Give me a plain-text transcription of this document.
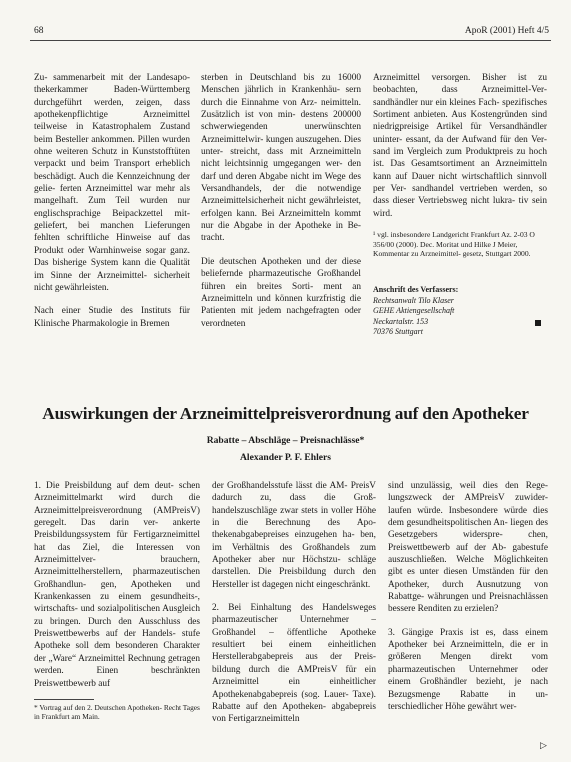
68	ApoR (2001) Heft 4/5

Zu- sammenarbeit mit der Landesapo- thekerkammer Baden-Württemberg durchgeführt werden, zeigen, dass apothekenpflichtige Arzneimittel teilweise in Katastrophalem Zustand beim Besteller ankommen. Pillen wurden ohne weiteren Schutz in Kunststofftüten verpackt und beim Transport erheblich beschädigt. Auch die Kennzeichnung der gelie- ferten Arzneimittel war mehr als mangelhaft. Zum Teil wurden nur englischsprachige Beipackzettel mit- geliefert, bei manchen Lieferungen fehlten schriftliche Hinweise auf das Produkt oder Warnhinweise sogar ganz. Das bisherige System kann die Qualität im Sinne der Arzneimittel- sicherheit nicht gewährleisten.

Nach einer Studie des Instituts für Klinische Pharmakologie in Bremen

sterben in Deutschland bis zu 16000 Menschen jährlich in Krankenhäu- sern durch die Einnahme von Arz- neimitteln. Zusätzlich ist von min- destens 200000 schwerwiegenden unerwünschten Arzneimittelwir- kungen auszugehen. Dies unter- streicht, dass mit Arzneimitteln nicht leichtsinnig umgegangen wer- den darf und deren Abgabe nicht im Wege des Versandhandels, der die notwendige Arzneimittelsicherheit nicht gewährleistet, erfolgen kann. Bei Arzneimitteln kommt nur die Abgabe in der Apotheke in Be- tracht.

Die deutschen Apotheken und der diese beliefernde pharmazeutische Großhandel führen ein breites Sorti- ment an Arzneimitteln und können kurzfristig die Patienten mit jedem nachgefragten oder verordneten

Arzneimittel versorgen. Bisher ist zu beobachten, dass Arzneimittel-Ver- sandhändler nur ein kleines Fach- spezifisches Sortiment anbieten. Aus Kostengründen sind niedrigpreisige Artikel für Versandhändler uninter- essant, da der Aufwand für den Ver- sand im Vergleich zum Produktpreis zu hoch ist. Das Gesamtsortiment an Arzneimitteln kann auf Dauer nicht wirtschaftlich sinnvoll per Ver- sandhandel vertrieben werden, so dass dieser Vertriebsweg nicht lukra- tiv sein wird.

¹ vgl. insbesondere Landgericht Frankfurt Az. 2-03 O 356/00 (2000). Dec. Moritat und Hilke J Meier, Kommentar zu Arzneimittel- gesetz, Stuttgart 2000.
Anschrift des Verfassers:
Rechtsanwalt Tilo Klaser
GEHE Aktiengesellschaft
Neckartalstr. 153
70376 Stuttgart
Auswirkungen der Arzneimittelpreisverordnung auf den Apotheker
Rabatte – Abschläge – Preisnachlässe*
Alexander P. F. Ehlers

1. Die Preisbildung auf dem deut- schen Arzneimittelmarkt wird durch die Arzneimittelpreisverordnung (AMPreisV) geregelt. Das darin ver- ankerte Preisbildungssystem für Fertigarzneimittel hat das Ziel, die Interessen von Arzneimittelver- brauchern, Arzneimittelherstellern, pharmazeutischen Großhandlun- gen, Apotheken und Krankenkassen zu einem gesundheits-, wirtschafts- und sozialpolitischen Ausgleich zu bringen. Durch den Ausschluss des Preiswettbewerbs auf der Handels- stufe Apotheke soll dem besonderen Charakter der „Ware“ Arzneimittel Rechnung getragen werden. Einen beschränkten Preiswettbewerb auf

der Großhandelsstufe lässt die AM- PreisV dadurch zu, dass die Groß- handelszuschläge zwar stets in voller Höhe in die Berechnung des Apo- thekenabgabepreises einzugehen ha- ben, im Verhältnis des Großhandels zum Apotheker aber nur Höchstzu- schläge darstellen. Die Preisbildung durch den Hersteller ist dagegen nicht eingeschränkt.

2. Bei Einhaltung des Handelsweges pharmazeutischer Unternehmer – Großhandel – öffentliche Apotheke resultiert bei einem einheitlichen Herstellerabgabepreis aus der Preis- bildung durch die AMPreisV für ein Arzneimittel ein einheitlicher Apothekenabgabepreis (sog. Lauer- Taxe). Rabatte auf den Apotheken- abgabepreis von Fertigarzneimitteln

sind unzulässig, weil dies den Rege- lungszweck der AMPreisV zuwider- laufen würde. Insbesondere würde dies dem gesundheitspolitischen An- liegen des Gesetzgebers widerspre- chen, Preiswettbewerb auf der Ab- gabestufe auszuschließen. Welche Möglichkeiten gibt es unter diesen Umständen für den Apotheker, durch Ausnutzung von Rabattge- währungen und Preisnachlässen bessere Renditen zu erzielen?

3. Gängige Praxis ist es, dass einem Apotheker bei Arzneimitteln, die er in größeren Mengen direkt vom pharmazeutischen Unternehmer oder einem Großhändler bezieht, je nach Bezugsmenge Rabatte in un- terschiedlicher Höhe gewährt wer-

* Vortrag auf den 2. Deutschen Apotheken- Recht Tages in Frankfurt am Main.
▷
